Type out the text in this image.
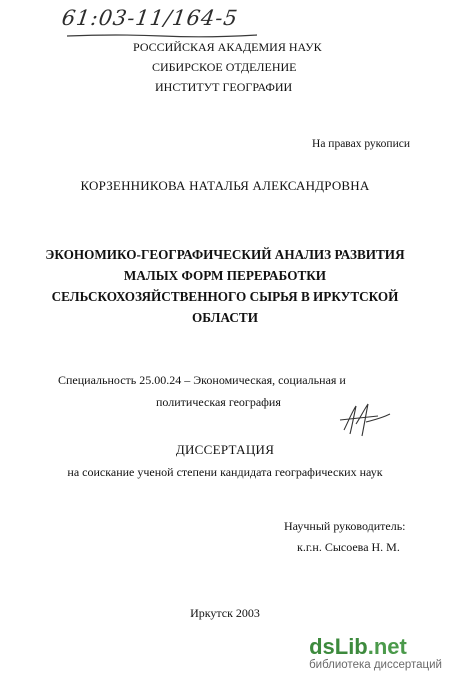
61:03-11/164-5
РОССИЙСКАЯ АКАДЕМИЯ НАУК
СИБИРСКОЕ ОТДЕЛЕНИЕ
ИНСТИТУТ ГЕОГРАФИИ
На правах рукописи
КОРЗЕННИКОВА НАТАЛЬЯ АЛЕКСАНДРОВНА
ЭКОНОМИКО-ГЕОГРАФИЧЕСКИЙ АНАЛИЗ РАЗВИТИЯ
МАЛЫХ ФОРМ ПЕРЕРАБОТКИ
СЕЛЬСКОХОЗЯЙСТВЕННОГО СЫРЬЯ В ИРКУТСКОЙ
ОБЛАСТИ
Специальность 25.00.24 – Экономическая, социальная и
политическая география
ДИССЕРТАЦИЯ
на соискание ученой степени кандидата географических наук
Научный руководитель:
к.г.н. Сысоева Н. М.
Иркутск 2003
dsLib.net
библиотека диссертаций
